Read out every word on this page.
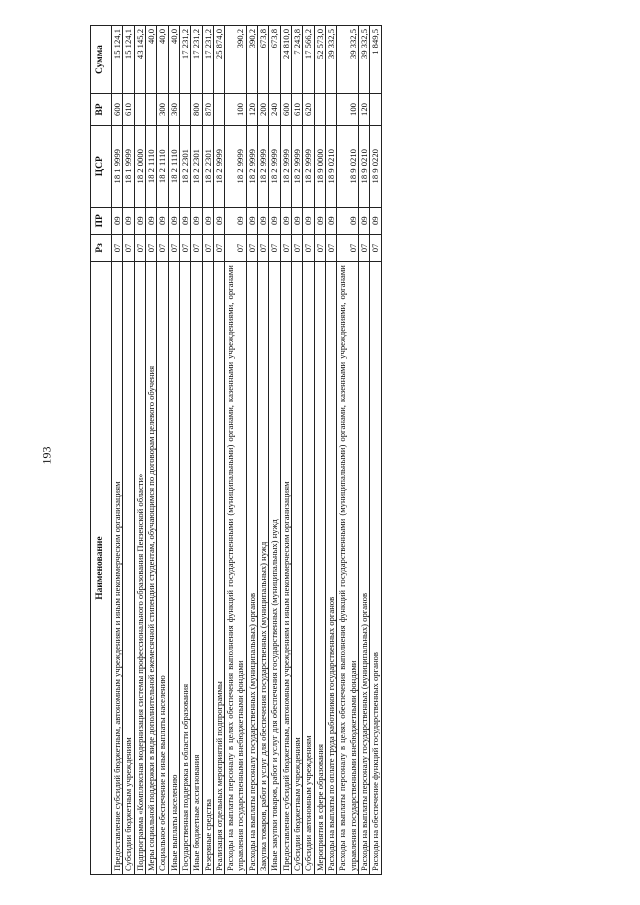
193
Наименование	Рз	ПР	ЦСР	ВР	Сумма
Предоставление субсидий бюджетным, автономным учреждениям и иным некоммерческим организациям	07	09	18 1 9999	600	15 124,1
Субсидии бюджетным учреждениям	07	09	18 1 9999	610	15 124,1
Подпрограмма «Комплексная модернизация системы профессионального образования Пензенской области»	07	09	18 2 0000		43 145,2
Меры социальной поддержки в виде дополнительной ежемесячной стипендии студентам, обучающимся по договорам целевого обучения	07	09	18 2 1110		40,0
Социальное обеспечение и иные выплаты населению	07	09	18 2 1110	300	40,0
Иные выплаты населению	07	09	18 2 1110	360	40,0
Государственная поддержка в области образования	07	09	18 2 2301		17 231,2
Иные бюджетные ассигнования	07	09	18 2 2301	800	17 231,2
Резервные средства	07	09	18 2 2301	870	17 231,2
Реализация отдельных мероприятий подпрограммы	07	09	18 2 9999		25 874,0
Расходы на выплаты персоналу в целях обеспечения выполнения функций государственными (муниципальными) органами, казенными учреждениями, органами управления государственными внебюджетными фондами	07	09	18 2 9999	100	390,2
Расходы на выплаты персоналу государственных (муниципальных) органов	07	09	18 2 9999	120	390,2
Закупка товаров, работ и услуг для обеспечения государственных (муниципальных) нужд	07	09	18 2 9999	200	673,8
Иные закупки товаров, работ и услуг для обеспечения государственных (муниципальных) нужд	07	09	18 2 9999	240	673,8
Предоставление субсидий бюджетным, автономным учреждениям и иным некоммерческим организациям	07	09	18 2 9999	600	24 810,0
Субсидии бюджетным учреждениям	07	09	18 2 9999	610	7 243,8
Субсидии автономным учреждениям	07	09	18 2 9999	620	17 566,2
Мероприятия в сфере образования	07	09	18 9 0000		52 573,0
Расходы на выплаты по оплате труда работников государственных органов	07	09	18 9 0210		39 332,5
Расходы на выплаты персоналу в целях обеспечения выполнения функций государственными (муниципальными) органами, казенными учреждениями, органами управления государственными внебюджетными фондами	07	09	18 9 0210	100	39 332,5
Расходы на выплаты персоналу государственных (муниципальных) органов	07	09	18 9 0210	120	39 332,5
Расходы на обеспечение функций государственных органов	07	09	18 9 0220		1 849,5
